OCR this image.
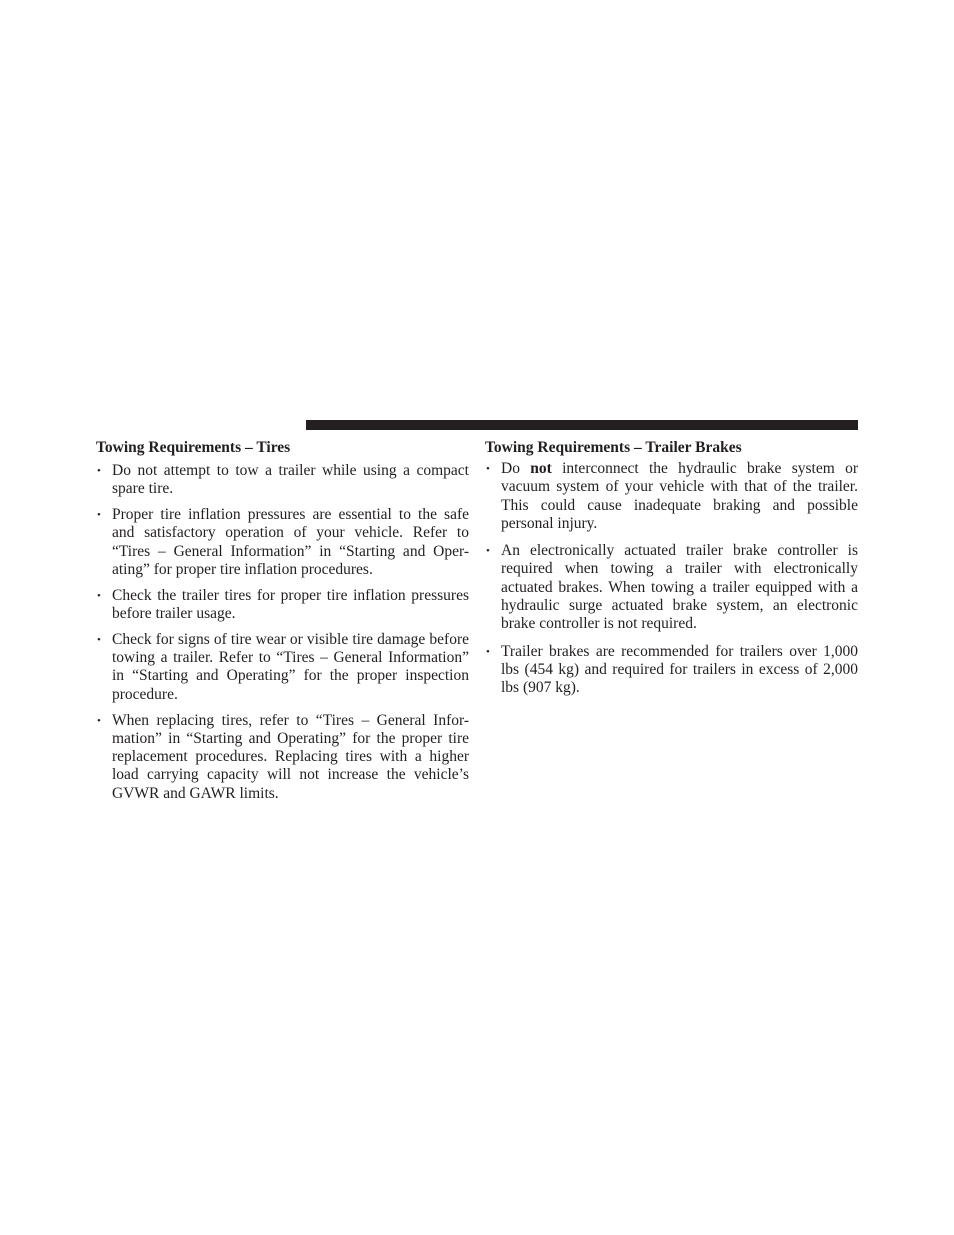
Towing Requirements – Tires
• Do not attempt to tow a trailer while using a compact spare tire.
• Proper tire inflation pressures are essential to the safe and satisfactory operation of your vehicle. Refer to “Tires – General Information” in “Starting and Oper-ating” for proper tire inflation procedures.
• Check the trailer tires for proper tire inflation pressures before trailer usage.
• Check for signs of tire wear or visible tire damage before towing a trailer. Refer to “Tires – General Information” in “Starting and Operating” for the proper inspection procedure.
• When replacing tires, refer to “Tires – General Infor-mation” in “Starting and Operating” for the proper tire replacement procedures. Replacing tires with a higher load carrying capacity will not increase the vehicle’s GVWR and GAWR limits.
Towing Requirements – Trailer Brakes
• Do not interconnect the hydraulic brake system or vacuum system of your vehicle with that of the trailer. This could cause inadequate braking and possible personal injury.
• An electronically actuated trailer brake controller is required when towing a trailer with electronically actuated brakes. When towing a trailer equipped with a hydraulic surge actuated brake system, an electronic brake controller is not required.
• Trailer brakes are recommended for trailers over 1,000 lbs (454 kg) and required for trailers in excess of 2,000 lbs (907 kg).
